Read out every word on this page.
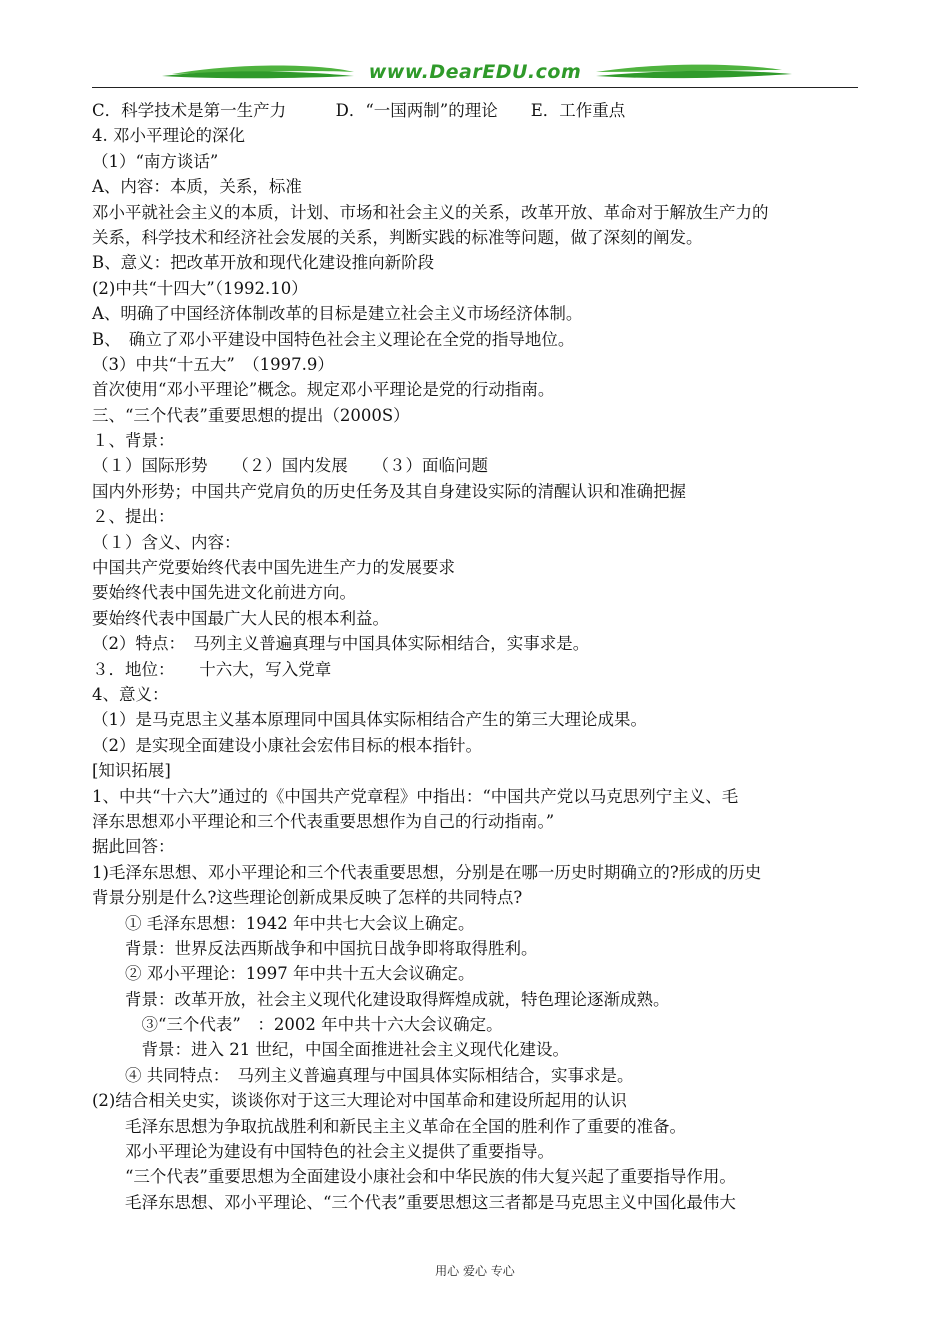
www.DearEDU.com
C．科学技术是第一生产力　　　D．“一国两制”的理论　　E．工作重点
4. 邓小平理论的深化
（1）“南方谈话”
A、内容：本质，关系，标准
邓小平就社会主义的本质，计划、市场和社会主义的关系，改革开放、革命对于解放生产力的
关系，科学技术和经济社会发展的关系，判断实践的标准等问题，做了深刻的阐发。
B、意义：把改革开放和现代化建设推向新阶段
(2)中共“十四大”（1992.10）
A、明确了中国经济体制改革的目标是建立社会主义市场经济体制。
B、　确立了邓小平建设中国特色社会主义理论在全党的指导地位。
（3）中共“十五大”　（1997.9）
首次使用“邓小平理论”概念。规定邓小平理论是党的行动指南。
三、“三个代表”重要思想的提出（2000S）
１、背景：
（１）国际形势　　（２）国内发展　　（３）面临问题
国内外形势；中国共产党肩负的历史任务及其自身建设实际的清醒认识和准确把握
２、提出：
（１）含义、内容：
中国共产党要始终代表中国先进生产力的发展要求
要始终代表中国先进文化前进方向。
要始终代表中国最广大人民的根本利益。
（2）特点：　马列主义普遍真理与中国具体实际相结合，实事求是。
３．地位：　　十六大，写入党章
4、意义：
（1）是马克思主义基本原理同中国具体实际相结合产生的第三大理论成果。
（2）是实现全面建设小康社会宏伟目标的根本指针。
[知识拓展]
1、中共“十六大”通过的《中国共产党章程》中指出：“中国共产党以马克思列宁主义、毛
泽东思想邓小平理论和三个代表重要思想作为自己的行动指南。”
据此回答：
1)毛泽东思想、邓小平理论和三个代表重要思想，分别是在哪一历史时期确立的?形成的历史
背景分别是什么?这些理论创新成果反映了怎样的共同特点?
　　① 毛泽东思想：1942 年中共七大会议上确定。
　　背景：世界反法西斯战争和中国抗日战争即将取得胜利。
　　② 邓小平理论：1997 年中共十五大会议确定。
　　背景：改革开放，社会主义现代化建设取得辉煌成就，特色理论逐渐成熟。
　　　③“三个代表”　：2002 年中共十六大会议确定。
　　　背景：进入 21 世纪，中国全面推进社会主义现代化建设。
　　④ 共同特点：　马列主义普遍真理与中国具体实际相结合，实事求是。
(2)结合相关史实，谈谈你对于这三大理论对中国革命和建设所起用的认识
　　毛泽东思想为争取抗战胜利和新民主主义革命在全国的胜利作了重要的准备。
　　邓小平理论为建设有中国特色的社会主义提供了重要指导。
　　“三个代表”重要思想为全面建设小康社会和中华民族的伟大复兴起了重要指导作用。
　　毛泽东思想、邓小平理论、“三个代表”重要思想这三者都是马克思主义中国化最伟大
用心 爱心 专心
